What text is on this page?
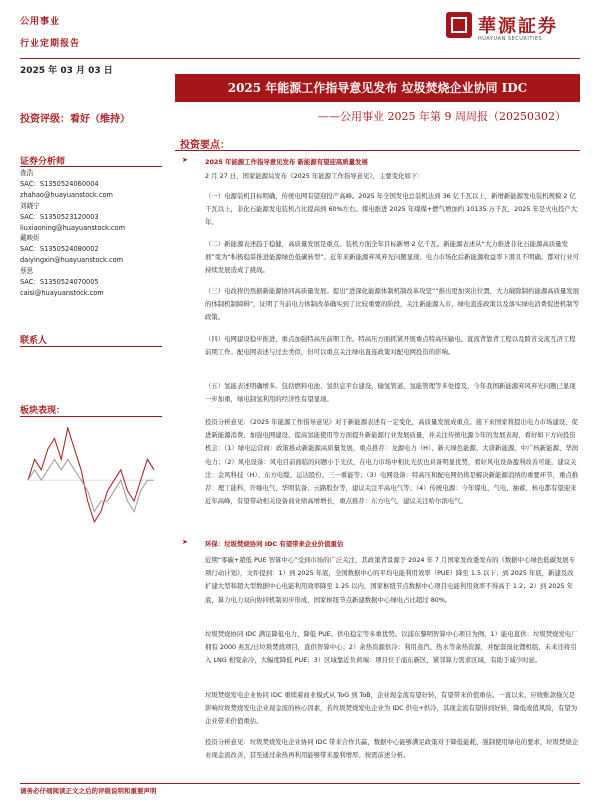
公用事业
行业定期报告
華源証券
HUAYUAN SECURITIES
2025 年 03 月 03 日
2025 年能源工作指导意见发布 垃圾焚烧企业协同 IDC
投资评级：看好（维持）	——公用事业 2025 年第 9 周周报（20250302）
证券分析师
查浩
SAC：S1350524060004
zhahao@huayuanstock.com
刘晓宁
SAC：S1350523120003
liuxiaoning@huayuanstock.com
戴映炘
SAC：S1350524080002
daiyingxin@huayuanstock.com
蔡思
SAC：S1350524070005
caisi@huayuanstock.com
联系人
板块表现：
投资要点：
➤	2025 年能源工作指导意见发布 新能源有望迎高质量发展
2 月 27 日，国家能源局发布《2025 年能源工作指导意见》，主要变化如下：
（一）电源装机目标明确，传统电网有望迎投产高峰。2025 年全国发电总装机达到 36 亿千瓦以上，新增新能源发电装机规模 2 亿千瓦以上，非化石能源发电装机占比提高到 60%左右。煤电推进 2025 年煤煤+燃气增加约 10135 万千瓦，2025 年是火电投产大年。
（二）新能源表述趋于稳健，高质量发展是重点。装机方面全年目标新增 2 亿千瓦。新能源表述从“大力推进非化石能源高质量发展”变为“积极稳妥推进能源绿色低碳转型”。近年来新能源弃风弃光问题显现、电力市场化后新能源收益率下滑且不明确，都对行业可持续发展造成了挑战。
（三）电改将仍然据新能源协同高质量发展。提出“进深化能源体制机制改革攻坚”“推出更加突出位置，大力破除制约能源高质量发展的体制机制障碍”，证明了当前电力体制改革确实到了比较重要的阶段，关注新能源入市、绿电直连政策以及落实绿电消费促进机制等政策。
（四）电网建设稳步推进，重点加强特高压前期工作。特高压方面抓紧开展重点特高压输电、直流背靠背工程以及跨省交流互济工程前期工作。配电网表述与过去类似，但可以重点关注绿电直连政策对配电网投资的影响。
（五）氢能表述明确增多。包括燃料电池、氢供息平台建设、输氢管道、氢能管理等多处提及，今年我国新能源弃风弃光问题已显现一步加重，绿电制氢利用的经济性有望显现。
投资分析意见：《2025 年能源工作指导意见》对于新能源表述有一定变化，高质量发展成重点。接下来国家将提出电力市场建设、促进新能源消费、加强电网建设、提高氢能使用等方面提升新能源行业发展质量，并关注传统电源今年的发展表现，看好如下方向投资机会：（1）绿电运营商：政策推动新能源高质量发展，重点推荐：龙源电力（H）、新天绿色能源、大唐新能源、中广核新能源、华润电力；（2）风电设备：风电目前面临的问题小于光伏，在电力市场中相比光伏也具备明显优势，看好风电设备盈利改善可能，建议关注：金风科技（H）、东方电缆、运达股份、三一重能等；（3）电网设备：特高压和配电网仍将是解决新能源消纳的重要环节，重点推荐：理工能科、许继电气、华明装备、云路股份等，建议关注平高电气等；（4）传统电源：今年煤电、气电、抽蓄、核电都有望迎来近年高峰，有望带动相关设备商业绩高增增长，重点推荐：东方电气，建议关注哈尔滨电气。
➤	环保：垃圾焚烧协同 IDC 有望带来企业价值重估
近期“零碳+超低 PUE 智算中心”受到市场的广泛关注，其政策背景源于 2024 年 7 月国家发改委发布的《数据中心绿色低碳发展专项行动计划》，文件提到：1）到 2025 年底，全国数据中心的平均电能利用效率（PUE）降至 1.5 以下；到 2025 年底，新建及改扩建大型和超大型数据中心电能利用效率降至 1.25 以内，国家枢纽节点数据中心项目电能利用效率不得高于 1.2；2）到 2025 年底，算力电力双向协同机制初步形成，国家枢纽节点新建数据中心绿电占比超过 80%。
垃圾焚烧协同 IDC 满足降低电力、降低 PUE、供电稳定等多重优势。以浦东黎明智算中心项目为例，1）能电直供：垃圾焚烧发电厂拥有 2000 兆瓦/日垃圾焚烧项目，直供智算中心；2）余热资源供冷：利用蒸汽、热水等余热资源，并配套溴化锂机组，未来还将引入 LNG 相变余冷，大幅度降低 PUE；3）区域靠近负荷端：项目位于浦东新区，紧邻算力需求区域，有助于减少时延。
垃圾焚烧发电企业协同 IDC 重续着商业模式从 ToG 到 ToB，企业现金流有望好转，有望带来价值重估。一直以来，应收账款拖欠是影响垃圾焚烧发电企业现金流的核心因素，若垃圾焚烧发电企业为 IDC 供电+供冷，其现金流有望得到好转，降低或值风险，有望为企业带来价值重估。
投资分析意见：垃圾焚烧发电企业协同 IDC 带来合作共赢，数据中心能够满足政策对于降低能耗、强制使用绿电的要求，垃圾焚烧企业现金流改善，甚至通过余热再利用能够带来盈利增厚。按需前述分析。
请务必仔细阅读正文之后的评级说明和重要声明
